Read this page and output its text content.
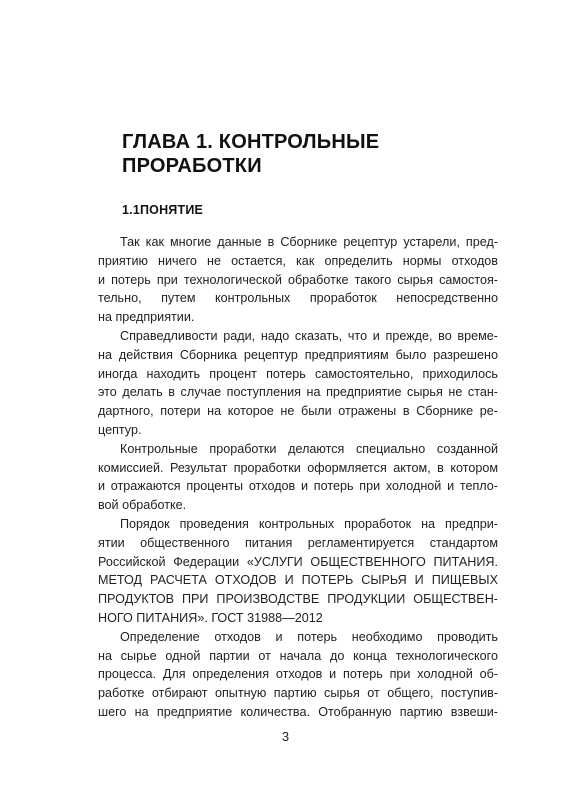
ГЛАВА 1. КОНТРОЛЬНЫЕ
ПРОРАБОТКИ
1.1ПОНЯТИЕ
Так как многие данные в Сборнике рецептур устарели, пред-
приятию ничего не остается, как определить нормы отходов
и потерь при технологической обработке такого сырья самостоя-
тельно, путем контрольных проработок непосредственно
на предприятии.
Справедливости ради, надо сказать, что и прежде, во време-
на действия Сборника рецептур предприятиям было разрешено
иногда находить процент потерь самостоятельно, приходилось
это делать в случае поступления на предприятие сырья не стан-
дартного, потери на которое не были отражены в Сборнике ре-
цептур.
Контрольные проработки делаются специально созданной
комиссией. Результат проработки оформляется актом, в котором
и отражаются проценты отходов и потерь при холодной и тепло-
вой обработке.
Порядок проведения контрольных проработок на предпри-
ятии общественного питания регламентируется стандартом
Российской Федерации «УСЛУГИ ОБЩЕСТВЕННОГО ПИТАНИЯ.
МЕТОД РАСЧЕТА ОТХОДОВ И ПОТЕРЬ СЫРЬЯ И ПИЩЕВЫХ
ПРОДУКТОВ ПРИ ПРОИЗВОДСТВЕ ПРОДУКЦИИ ОБЩЕСТВЕН-
НОГО ПИТАНИЯ». ГОСТ 31988—2012
Определение отходов и потерь необходимо проводить
на сырье одной партии от начала до конца технологического
процесса. Для определения отходов и потерь при холодной об-
работке отбирают опытную партию сырья от общего, поступив-
шего на предприятие количества. Отобранную партию взвеши-
3
